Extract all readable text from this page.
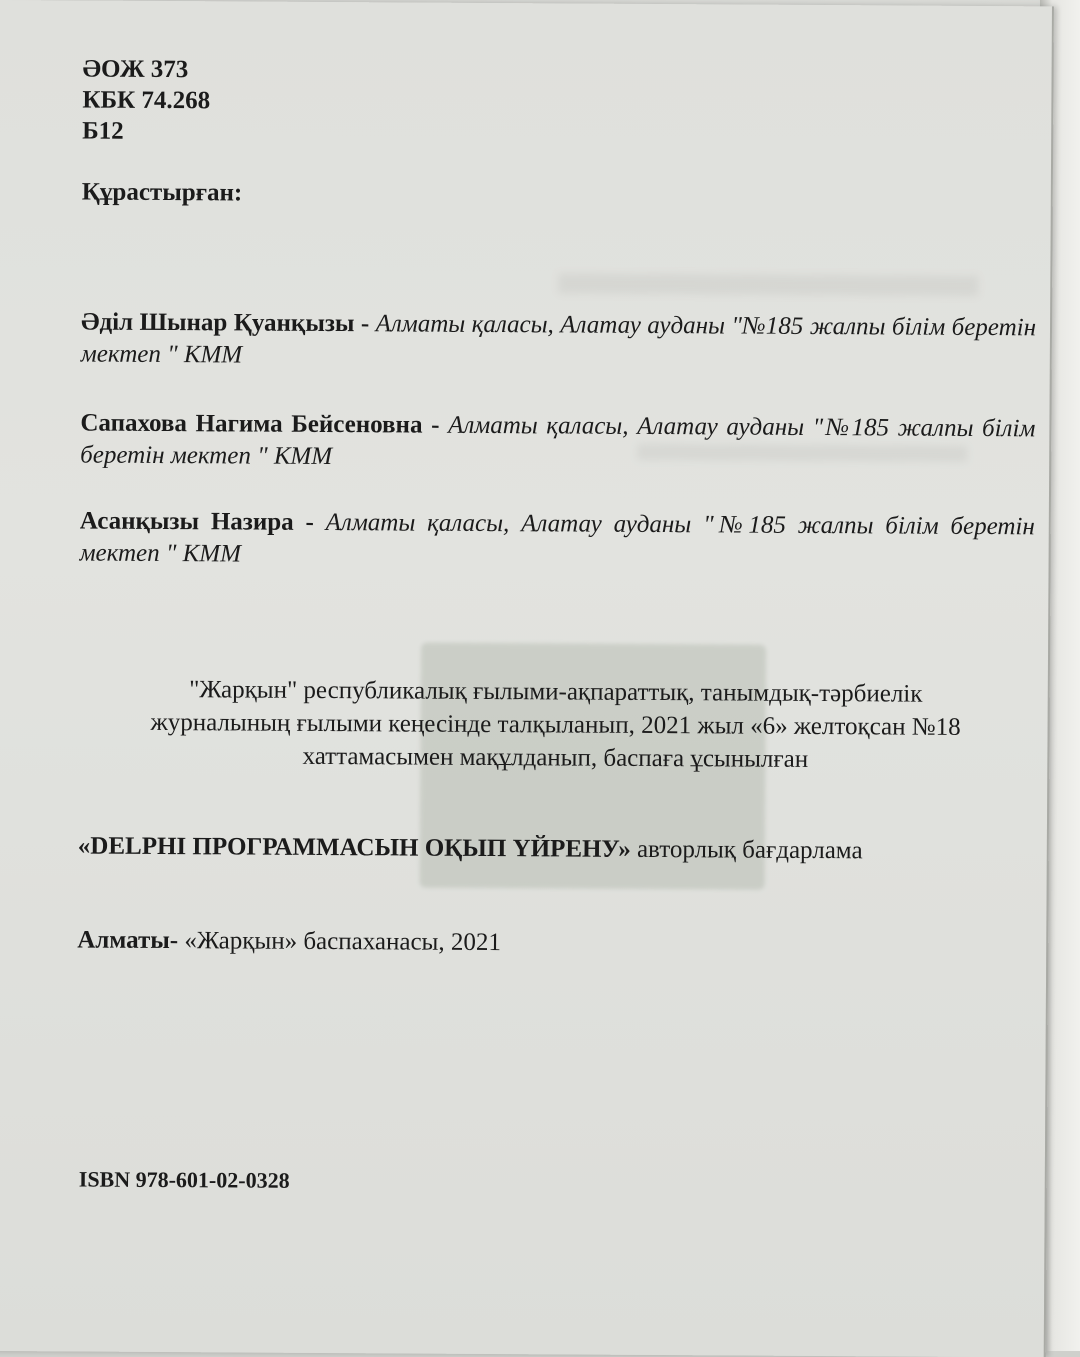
ӘОЖ 373
КБК 74.268
Б12
Құрастырған:
Әділ Шынар Қуанқызы - Алматы қаласы, Алатау ауданы "№185 жалпы білім беретін мектеп " КММ
Сапахова Нагима Бейсеновна - Алматы қаласы, Алатау ауданы "№185 жалпы білім беретін мектеп " КММ
Асанқызы Назира - Алматы қаласы, Алатау ауданы "№185 жалпы білім беретін мектеп " КММ
"Жарқын" республикалық ғылыми-ақпараттық, танымдық-тәрбиелік
журналының ғылыми кеңесінде талқыланып, 2021 жыл «6» желтоқсан №18
хаттамасымен мақұлданып, баспаға ұсынылған
«DELPHI ПРОГРАММАСЫН ОҚЫП ҮЙРЕНУ» авторлық бағдарлама
Алматы- «Жарқын» баспаханасы, 2021
ISBN 978-601-02-0328
